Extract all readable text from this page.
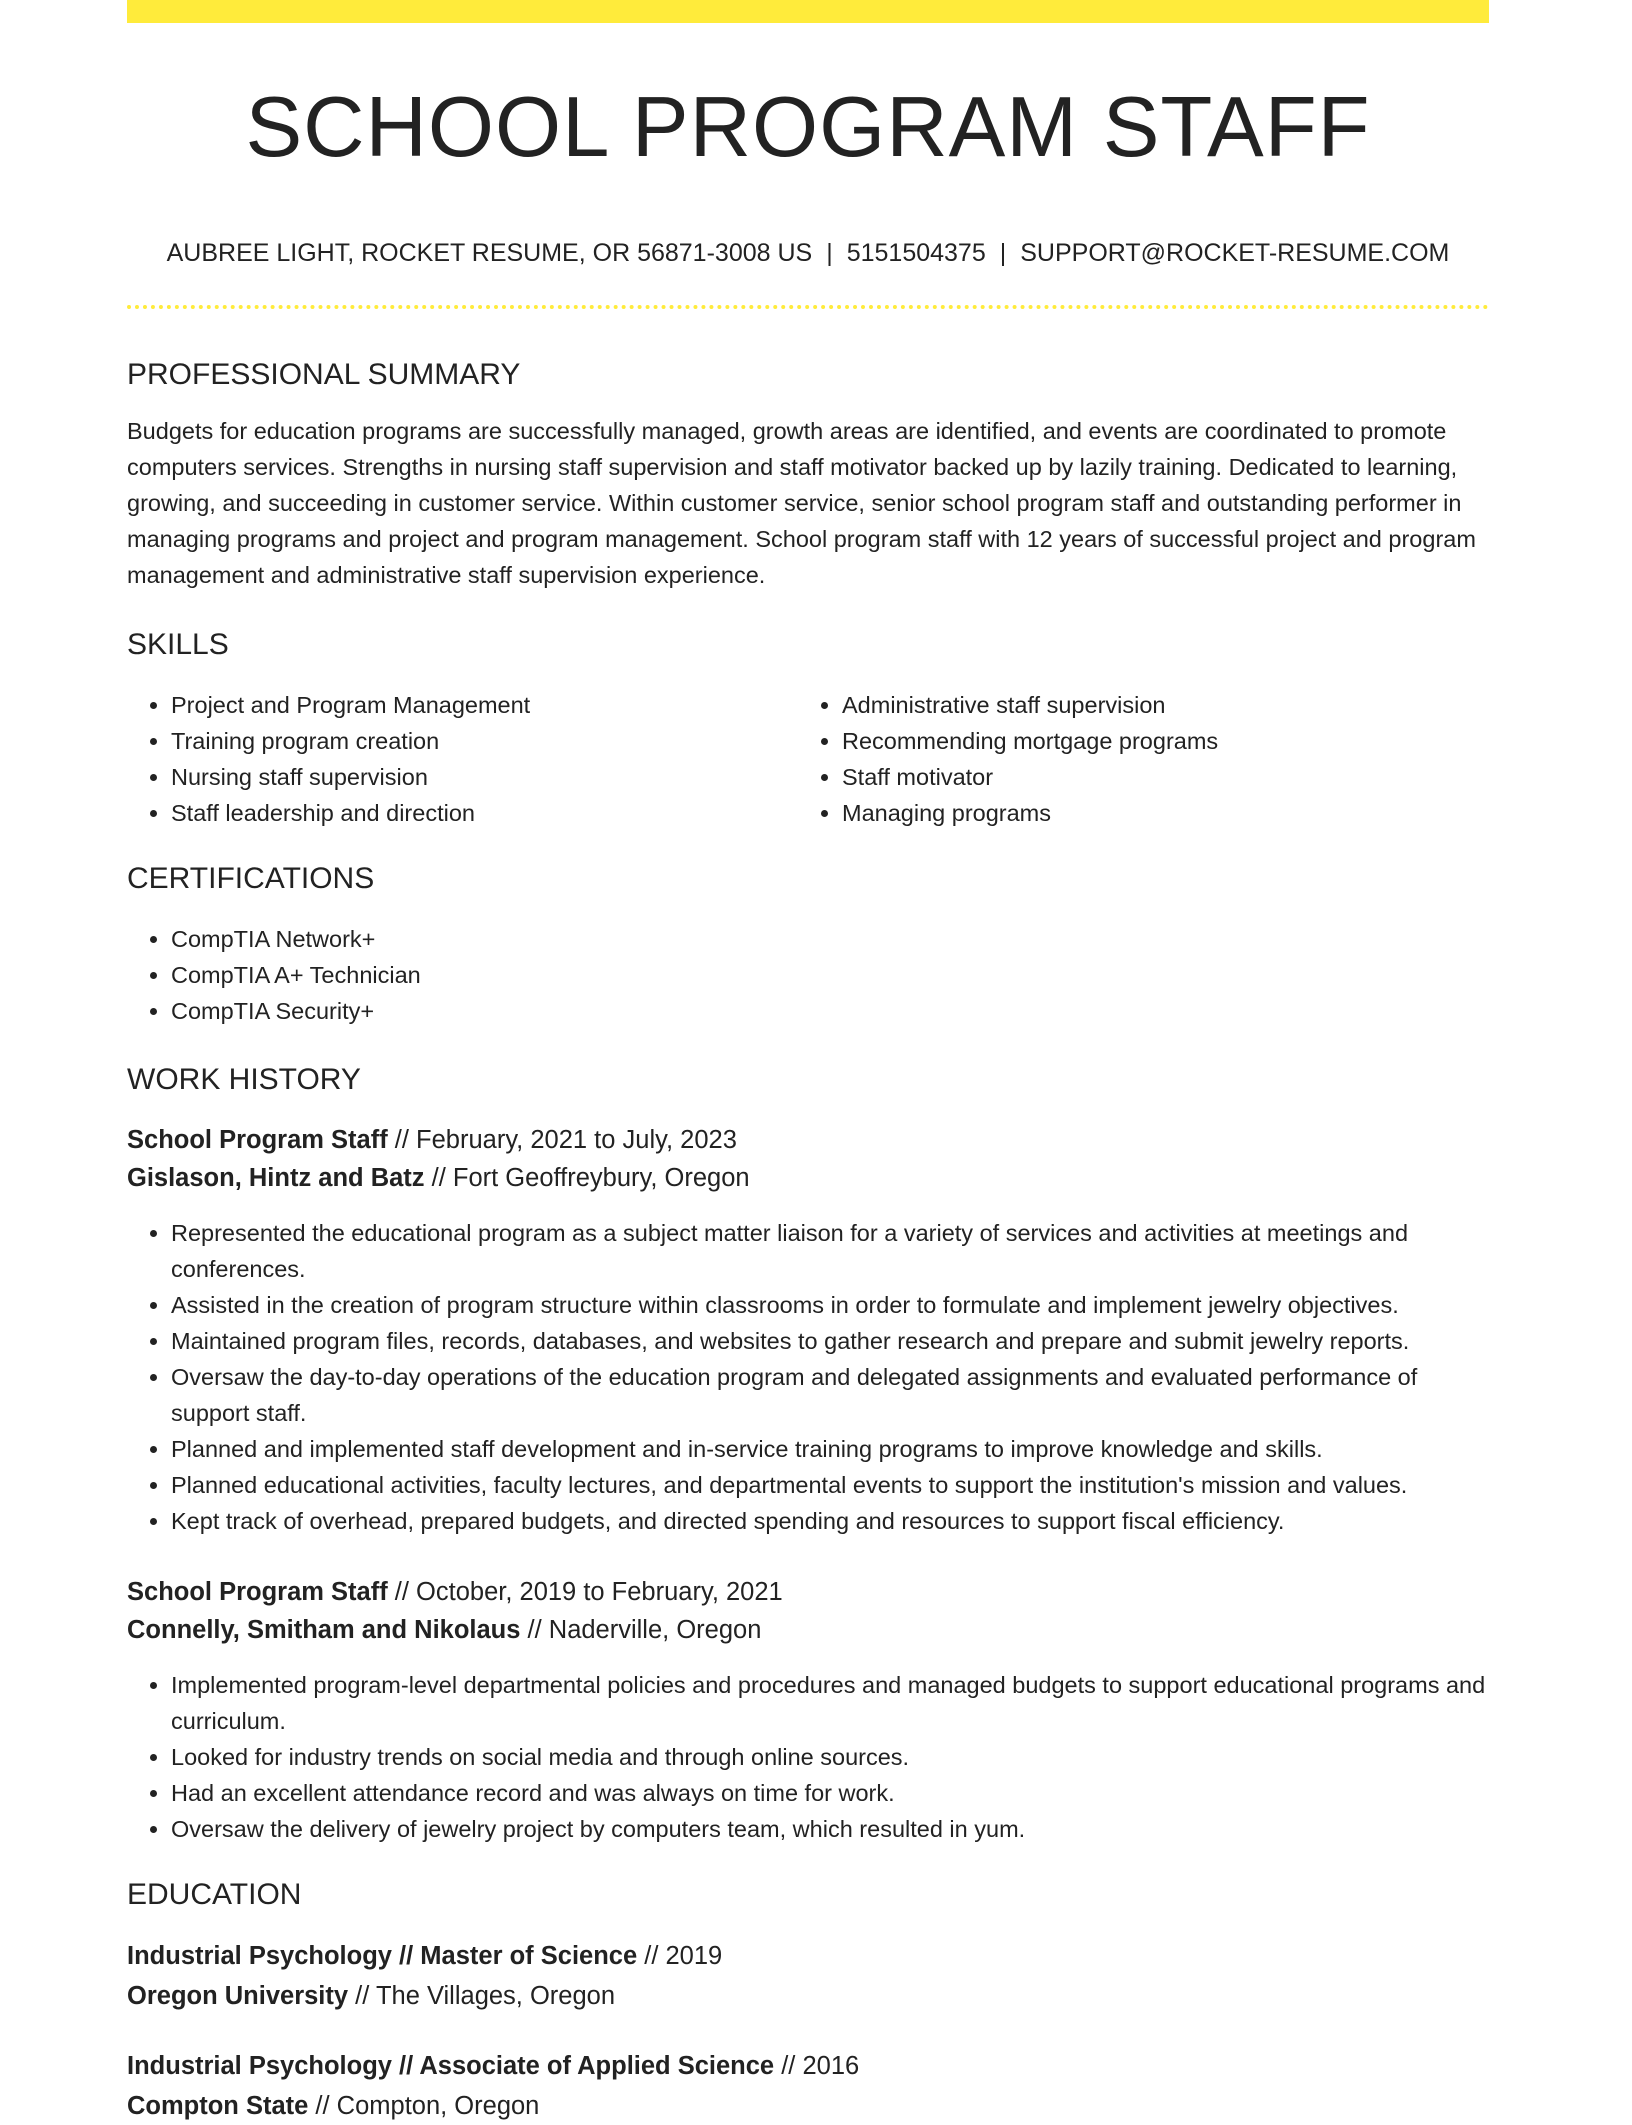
SCHOOL PROGRAM STAFF
AUBREE LIGHT, ROCKET RESUME, OR 56871-3008 US | 5151504375 | SUPPORT@ROCKET-RESUME.COM
PROFESSIONAL SUMMARY
Budgets for education programs are successfully managed, growth areas are identified, and events are coordinated to promote computers services. Strengths in nursing staff supervision and staff motivator backed up by lazily training. Dedicated to learning, growing, and succeeding in customer service. Within customer service, senior school program staff and outstanding performer in managing programs and project and program management. School program staff with 12 years of successful project and program management and administrative staff supervision experience.
SKILLS
• Project and Program Management
• Training program creation
• Nursing staff supervision
• Staff leadership and direction
• Administrative staff supervision
• Recommending mortgage programs
• Staff motivator
• Managing programs
CERTIFICATIONS
• CompTIA Network+
• CompTIA A+ Technician
• CompTIA Security+
WORK HISTORY
School Program Staff // February, 2021 to July, 2023
Gislason, Hintz and Batz // Fort Geoffreybury, Oregon
• Represented the educational program as a subject matter liaison for a variety of services and activities at meetings and conferences.
• Assisted in the creation of program structure within classrooms in order to formulate and implement jewelry objectives.
• Maintained program files, records, databases, and websites to gather research and prepare and submit jewelry reports.
• Oversaw the day-to-day operations of the education program and delegated assignments and evaluated performance of support staff.
• Planned and implemented staff development and in-service training programs to improve knowledge and skills.
• Planned educational activities, faculty lectures, and departmental events to support the institution's mission and values.
• Kept track of overhead, prepared budgets, and directed spending and resources to support fiscal efficiency.
School Program Staff // October, 2019 to February, 2021
Connelly, Smitham and Nikolaus // Naderville, Oregon
• Implemented program-level departmental policies and procedures and managed budgets to support educational programs and curriculum.
• Looked for industry trends on social media and through online sources.
• Had an excellent attendance record and was always on time for work.
• Oversaw the delivery of jewelry project by computers team, which resulted in yum.
EDUCATION
Industrial Psychology // Master of Science // 2019
Oregon University // The Villages, Oregon
Industrial Psychology // Associate of Applied Science // 2016
Compton State // Compton, Oregon
